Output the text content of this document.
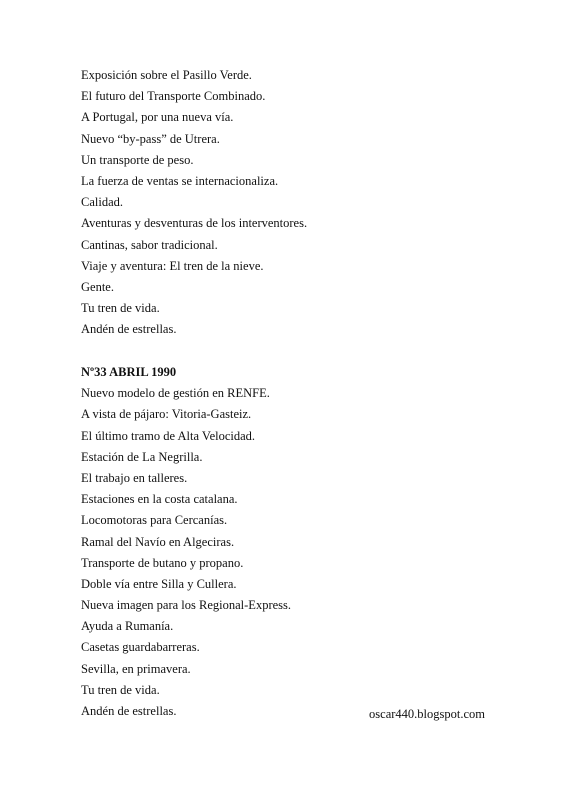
Exposición sobre el Pasillo Verde.
El futuro del Transporte Combinado.
A Portugal, por una nueva vía.
Nuevo “by-pass” de Utrera.
Un transporte de peso.
La fuerza de ventas se internacionaliza.
Calidad.
Aventuras y desventuras de los interventores.
Cantinas, sabor tradicional.
Viaje y aventura: El tren de la nieve.
Gente.
Tu tren de vida.
Andén de estrellas.
Nº33 ABRIL 1990
Nuevo modelo de gestión en RENFE.
A vista de pájaro: Vitoria-Gasteiz.
El último tramo de Alta Velocidad.
Estación de La Negrilla.
El trabajo en talleres.
Estaciones en la costa catalana.
Locomotoras para Cercanías.
Ramal del Navío en Algeciras.
Transporte de butano y propano.
Doble vía entre Silla y Cullera.
Nueva imagen para los Regional-Express.
Ayuda a Rumanía.
Casetas guardabarreras.
Sevilla, en primavera.
Tu tren de vida.
Andén de estrellas.	oscar440.blogspot.com
